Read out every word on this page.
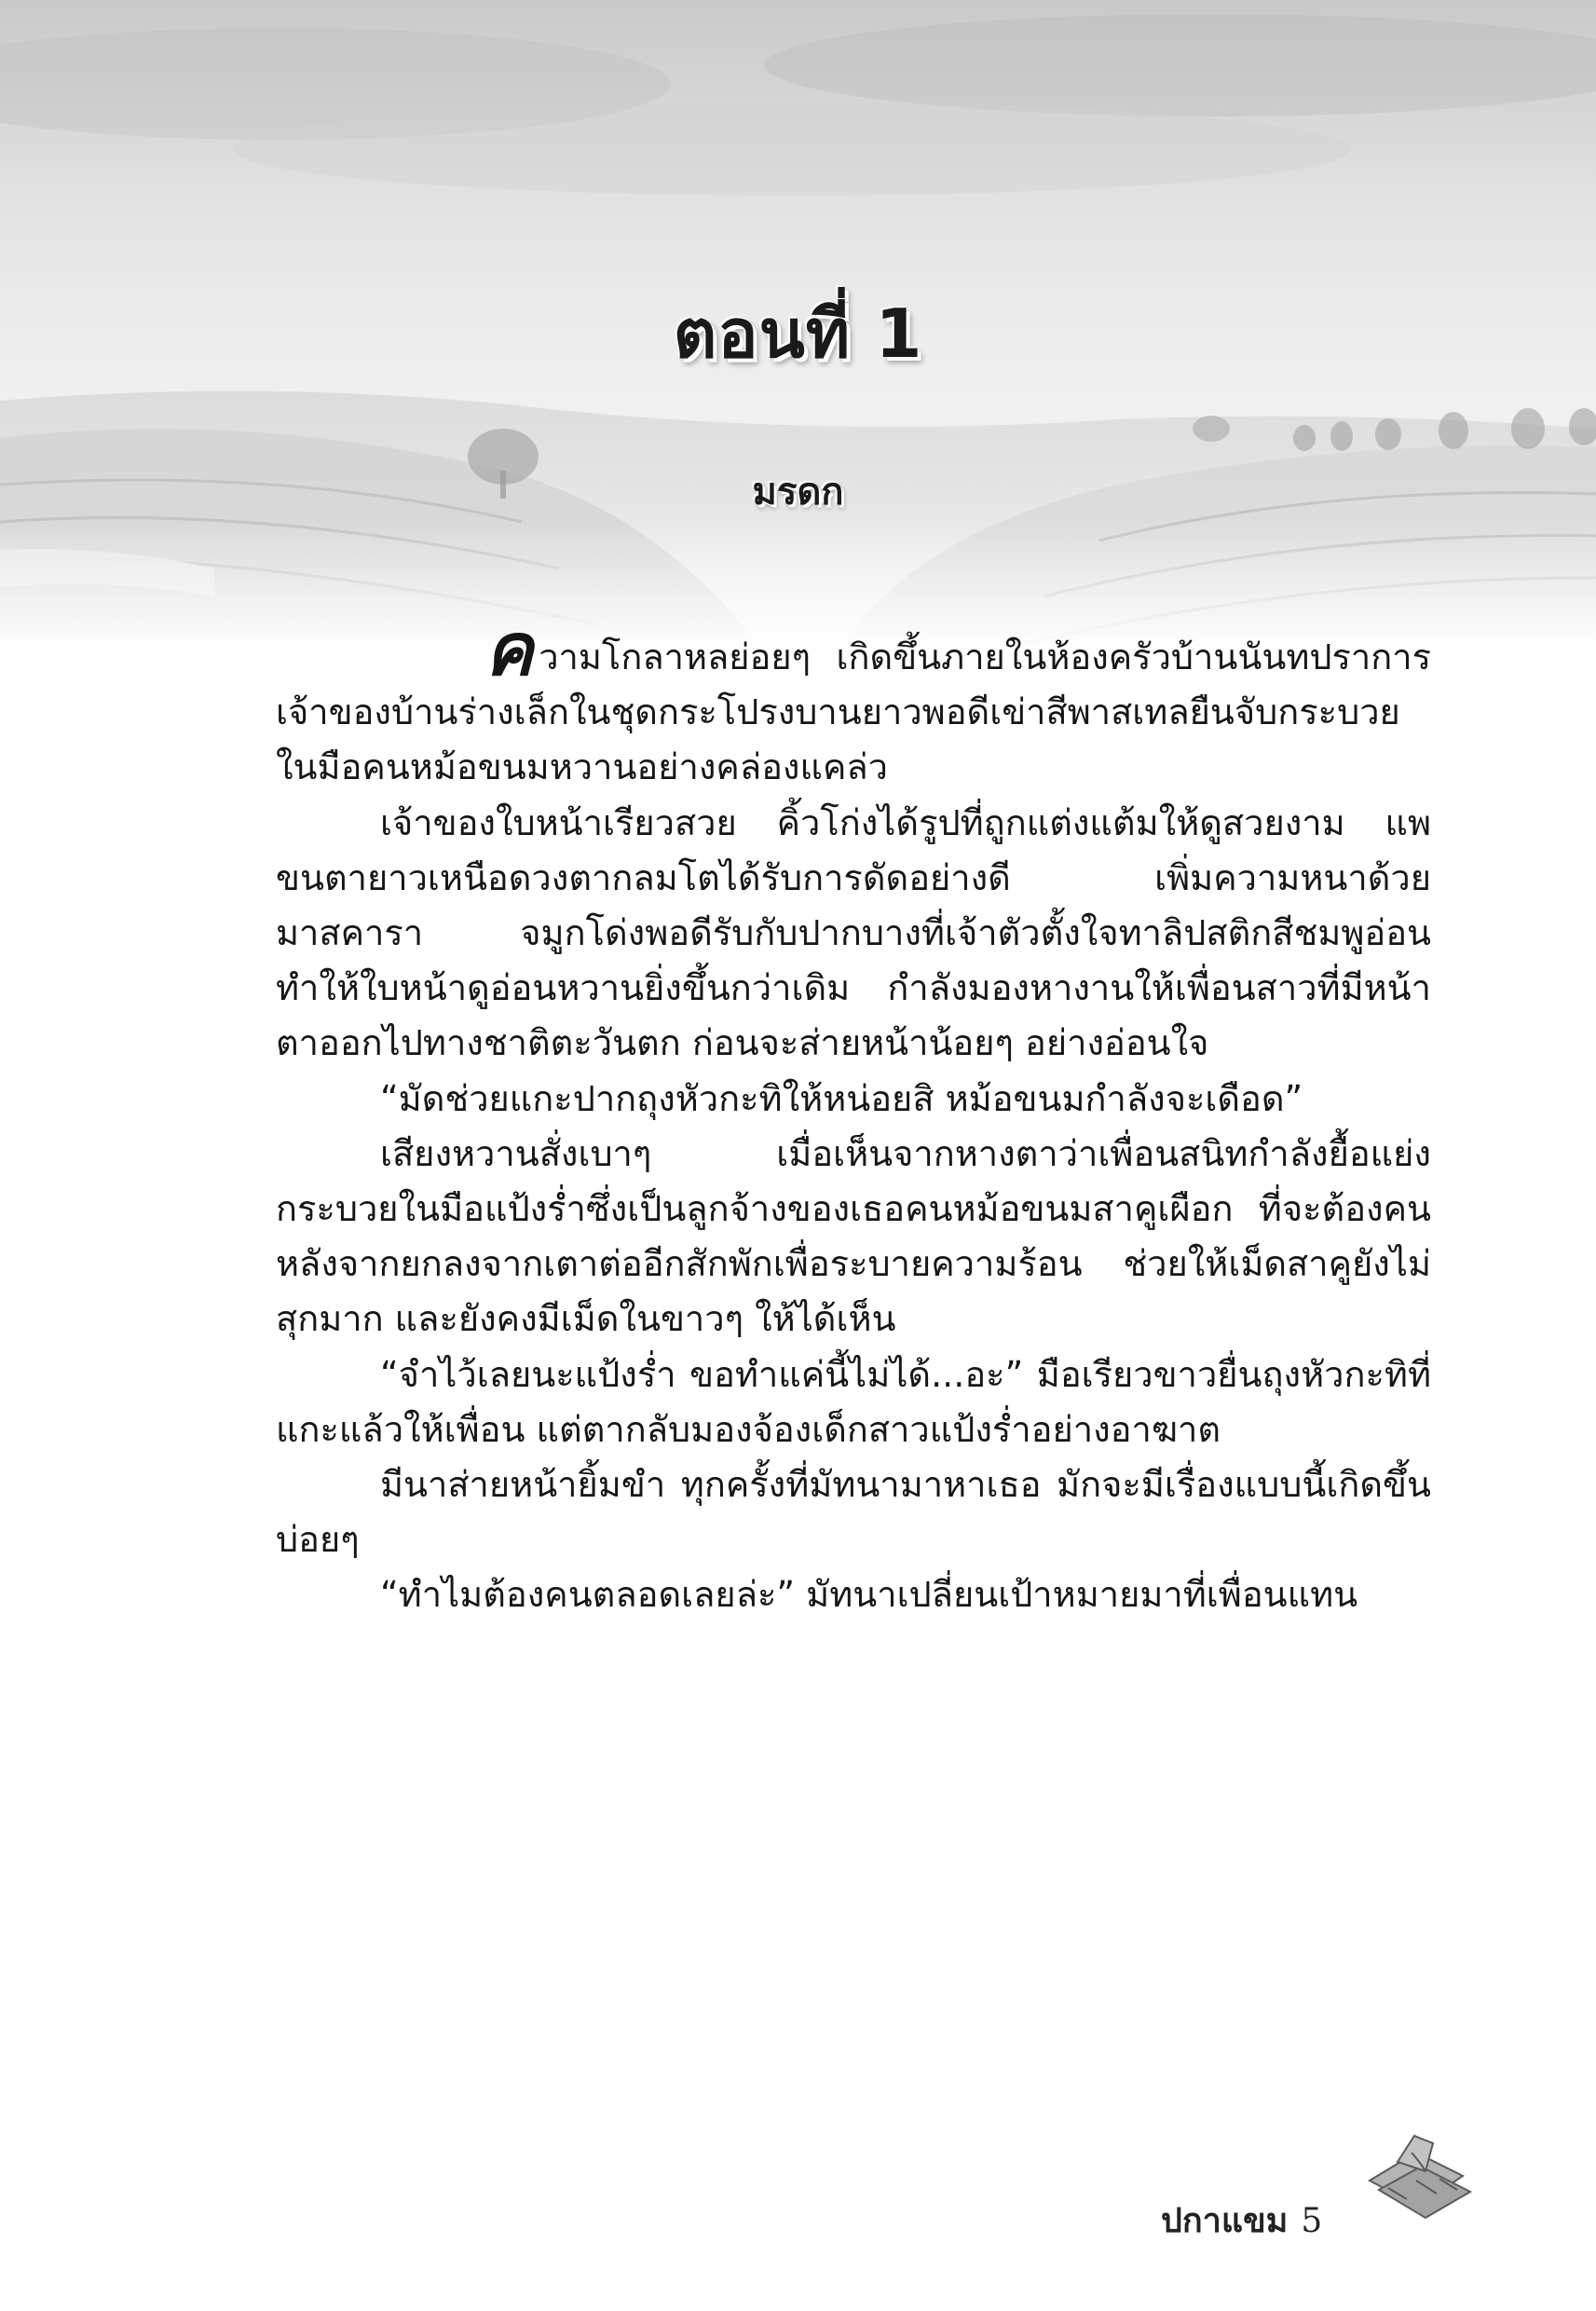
ตอนที่ 1
มรดก

ความโกลาหลย่อยๆ เกิดขึ้นภายในห้องครัวบ้านนันทปราการ เจ้าของบ้านร่างเล็กในชุดกระโปรงบานยาวพอดีเข่าสีพาสเทลยืนจับกระบวยในมือคนหม้อขนมหวานอย่างคล่องแคล่ว

เจ้าของใบหน้าเรียวสวย คิ้วโก่งได้รูปที่ถูกแต่งแต้มให้ดูสวยงาม แพขนตายาวเหนือดวงตากลมโตได้รับการดัดอย่างดี เพิ่มความหนาด้วยมาสคารา จมูกโด่งพอดีรับกับปากบางที่เจ้าตัวตั้งใจทาลิปสติกสีชมพูอ่อน ทำให้ใบหน้าดูอ่อนหวานยิ่งขึ้นกว่าเดิม กำลังมองหางานให้เพื่อนสาวที่มีหน้าตาออกไปทางชาติตะวันตก ก่อนจะส่ายหน้าน้อยๆ อย่างอ่อนใจ

“มัดช่วยแกะปากถุงหัวกะทิให้หน่อยสิ หม้อขนมกำลังจะเดือด”

เสียงหวานสั่งเบาๆ เมื่อเห็นจากหางตาว่าเพื่อนสนิทกำลังยื้อแย่งกระบวยในมือแป้งร่ำซึ่งเป็นลูกจ้างของเธอคนหม้อขนมสาคูเผือก ที่จะต้องคนหลังจากยกลงจากเตาต่ออีกสักพักเพื่อระบายความร้อน ช่วยให้เม็ดสาคูยังไม่สุกมาก และยังคงมีเม็ดในขาวๆ ให้ได้เห็น

“จำไว้เลยนะแป้งร่ำ ขอทำแค่นี้ไม่ได้...อะ” มือเรียวขาวยื่นถุงหัวกะทิที่แกะแล้วให้เพื่อน แต่ตากลับมองจ้องเด็กสาวแป้งร่ำอย่างอาฆาต

มีนาส่ายหน้ายิ้มขำ ทุกครั้งที่มัทนามาหาเธอ มักจะมีเรื่องแบบนี้เกิดขึ้นบ่อยๆ

“ทำไมต้องคนตลอดเลยล่ะ” มัทนาเปลี่ยนเป้าหมายมาที่เพื่อนแทน

ปกาแขม 5
